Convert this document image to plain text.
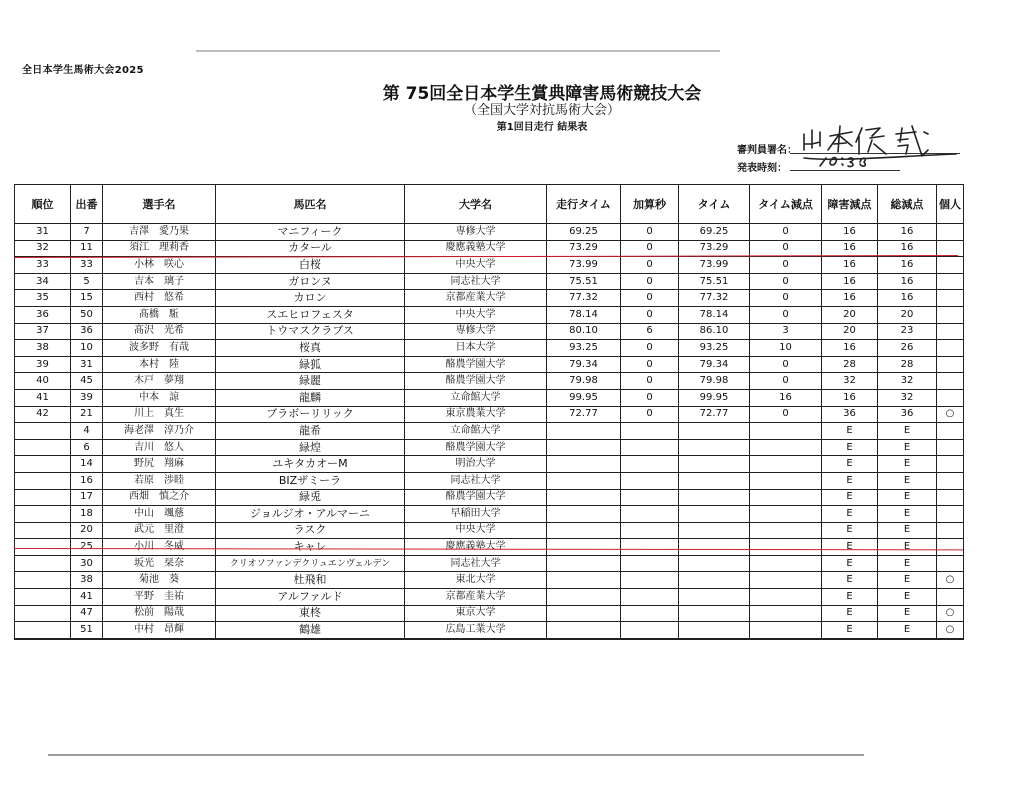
全日本学生馬術大会2025
第 75回全日本学生賞典障害馬術競技大会
（全国大学対抗馬術大会）
第1回目走行 結果表
審判員署名：
発表時刻：
順位	出番	選手名	馬匹名	大学名	走行タイム	加算秒	タイム	タイム減点	障害減点	総減点	個人
31	7	吉澤　愛乃果	マニフィーク	専修大学	69.25	0	69.25	0	16	16	
32	11	須江　理莉香	カタール	慶應義塾大学	73.29	0	73.29	0	16	16	
33	33	小林　咲心	白桜	中央大学	73.99	0	73.99	0	16	16	
34	5	吉本　璃子	ガロンヌ	同志社大学	75.51	0	75.51	0	16	16	
35	15	西村　悠希	カロン	京都産業大学	77.32	0	77.32	0	16	16	
36	50	髙橋　駈	スエヒロフェスタ	中央大学	78.14	0	78.14	0	20	20	
37	36	髙沢　光希	トウマスクラブス	専修大学	80.10	6	86.10	3	20	23	
38	10	波多野　有哉	桜真	日本大学	93.25	0	93.25	10	16	26	
39	31	本村　陸	緑狐	酪農学園大学	79.34	0	79.34	0	28	28	
40	45	木戸　夢翔	緑麗	酪農学園大学	79.98	0	79.98	0	32	32	
41	39	中本　諒	龍麟	立命館大学	99.95	0	99.95	16	16	32	
42	21	川上　真生	ブラボーリリック	東京農業大学	72.77	0	72.77	0	36	36	○
	4	海老澤　淳乃介	龍希	立命館大学					E	E	
	6	吉川　悠人	緑煌	酪農学園大学					E	E	
	14	野尻　翔麻	ユキタカオーM	明治大学					E	E	
	16	若原　渉睦	BIZザミーラ	同志社大学					E	E	
	17	西畑　慎之介	緑兎	酪農学園大学					E	E	
	18	中山　颯慈	ジョルジオ・アルマーニ	早稲田大学					E	E	
	20	武元　里澄	ラスク	中央大学					E	E	
	25	小川　冬威	キャレ	慶應義塾大学					E	E	
	30	坂光　栞奈	クリオソファンデクリュエンヴェルデン	同志社大学					E	E	
	38	菊池　葵	杜飛和	東北大学					E	E	○
	41	平野　圭祐	アルファルド	京都産業大学					E	E	
	47	松前　陽哉	東柊	東京大学					E	E	○
	51	中村　昂輝	鶴雄	広島工業大学					E	E	○
